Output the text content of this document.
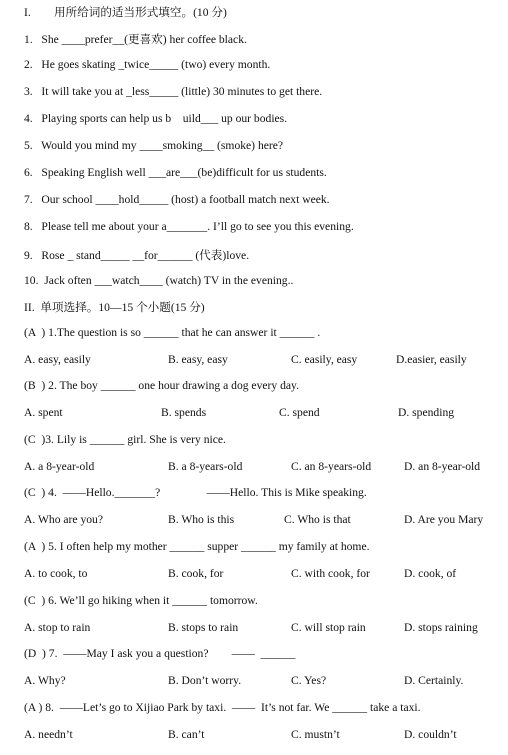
I.        用所给词的适当形式填空。(10 分)
1.   She ____prefer__(更喜欢) her coffee black.
2.   He goes skating _twice_____ (two) every month.
3.   It will take you at _less_____ (little) 30 minutes to get there.
4.   Playing sports can help us b    uild___ up our bodies.
5.   Would you mind my ____smoking__ (smoke) here?
6.   Speaking English well ___are___(be)difficult for us students.
7.   Our school ____hold_____ (host) a football match next week.
8.   Please tell me about your a_______. I’ll go to see you this evening.
9.   Rose _ stand_____ __for______ (代表)love.
10.  Jack often ___watch____ (watch) TV in the evening..
II.  单项选择。10—15 个小题(15 分)
(A  ) 1.The question is so ______ that he can answer it ______ .
A. easy, easily	B. easy, easy	C. easily, easy	D.easier, easily
(B  ) 2. The boy ______ one hour drawing a dog every day.
A. spent	B. spends	C. spend	D. spending
(C  )3. Lily is ______ girl. She is very nice.
A. a 8-year-old	B. a 8-years-old	C. an 8-years-old	D. an 8-year-old
(C  ) 4.  ——Hello._______?                ——Hello. This is Mike speaking.
A. Who are you?	B. Who is this	C. Who is that	D. Are you Mary
(A  ) 5. I often help my mother ______ supper ______ my family at home.
A. to cook, to	B. cook, for	C. with cook, for	D. cook, of
(C  ) 6. We’ll go hiking when it ______ tomorrow.
A. stop to rain	B. stops to rain	C. will stop rain	D. stops raining
(D  ) 7.  ——May I ask you a question?        ——  ______
A. Why?	B. Don’t worry.	C. Yes?	D. Certainly.
(A ) 8.  ——Let’s go to Xijiao Park by taxi.  ——  It’s not far. We ______ take a taxi.
A. needn’t	B. can’t	C. mustn’t	D. couldn’t
